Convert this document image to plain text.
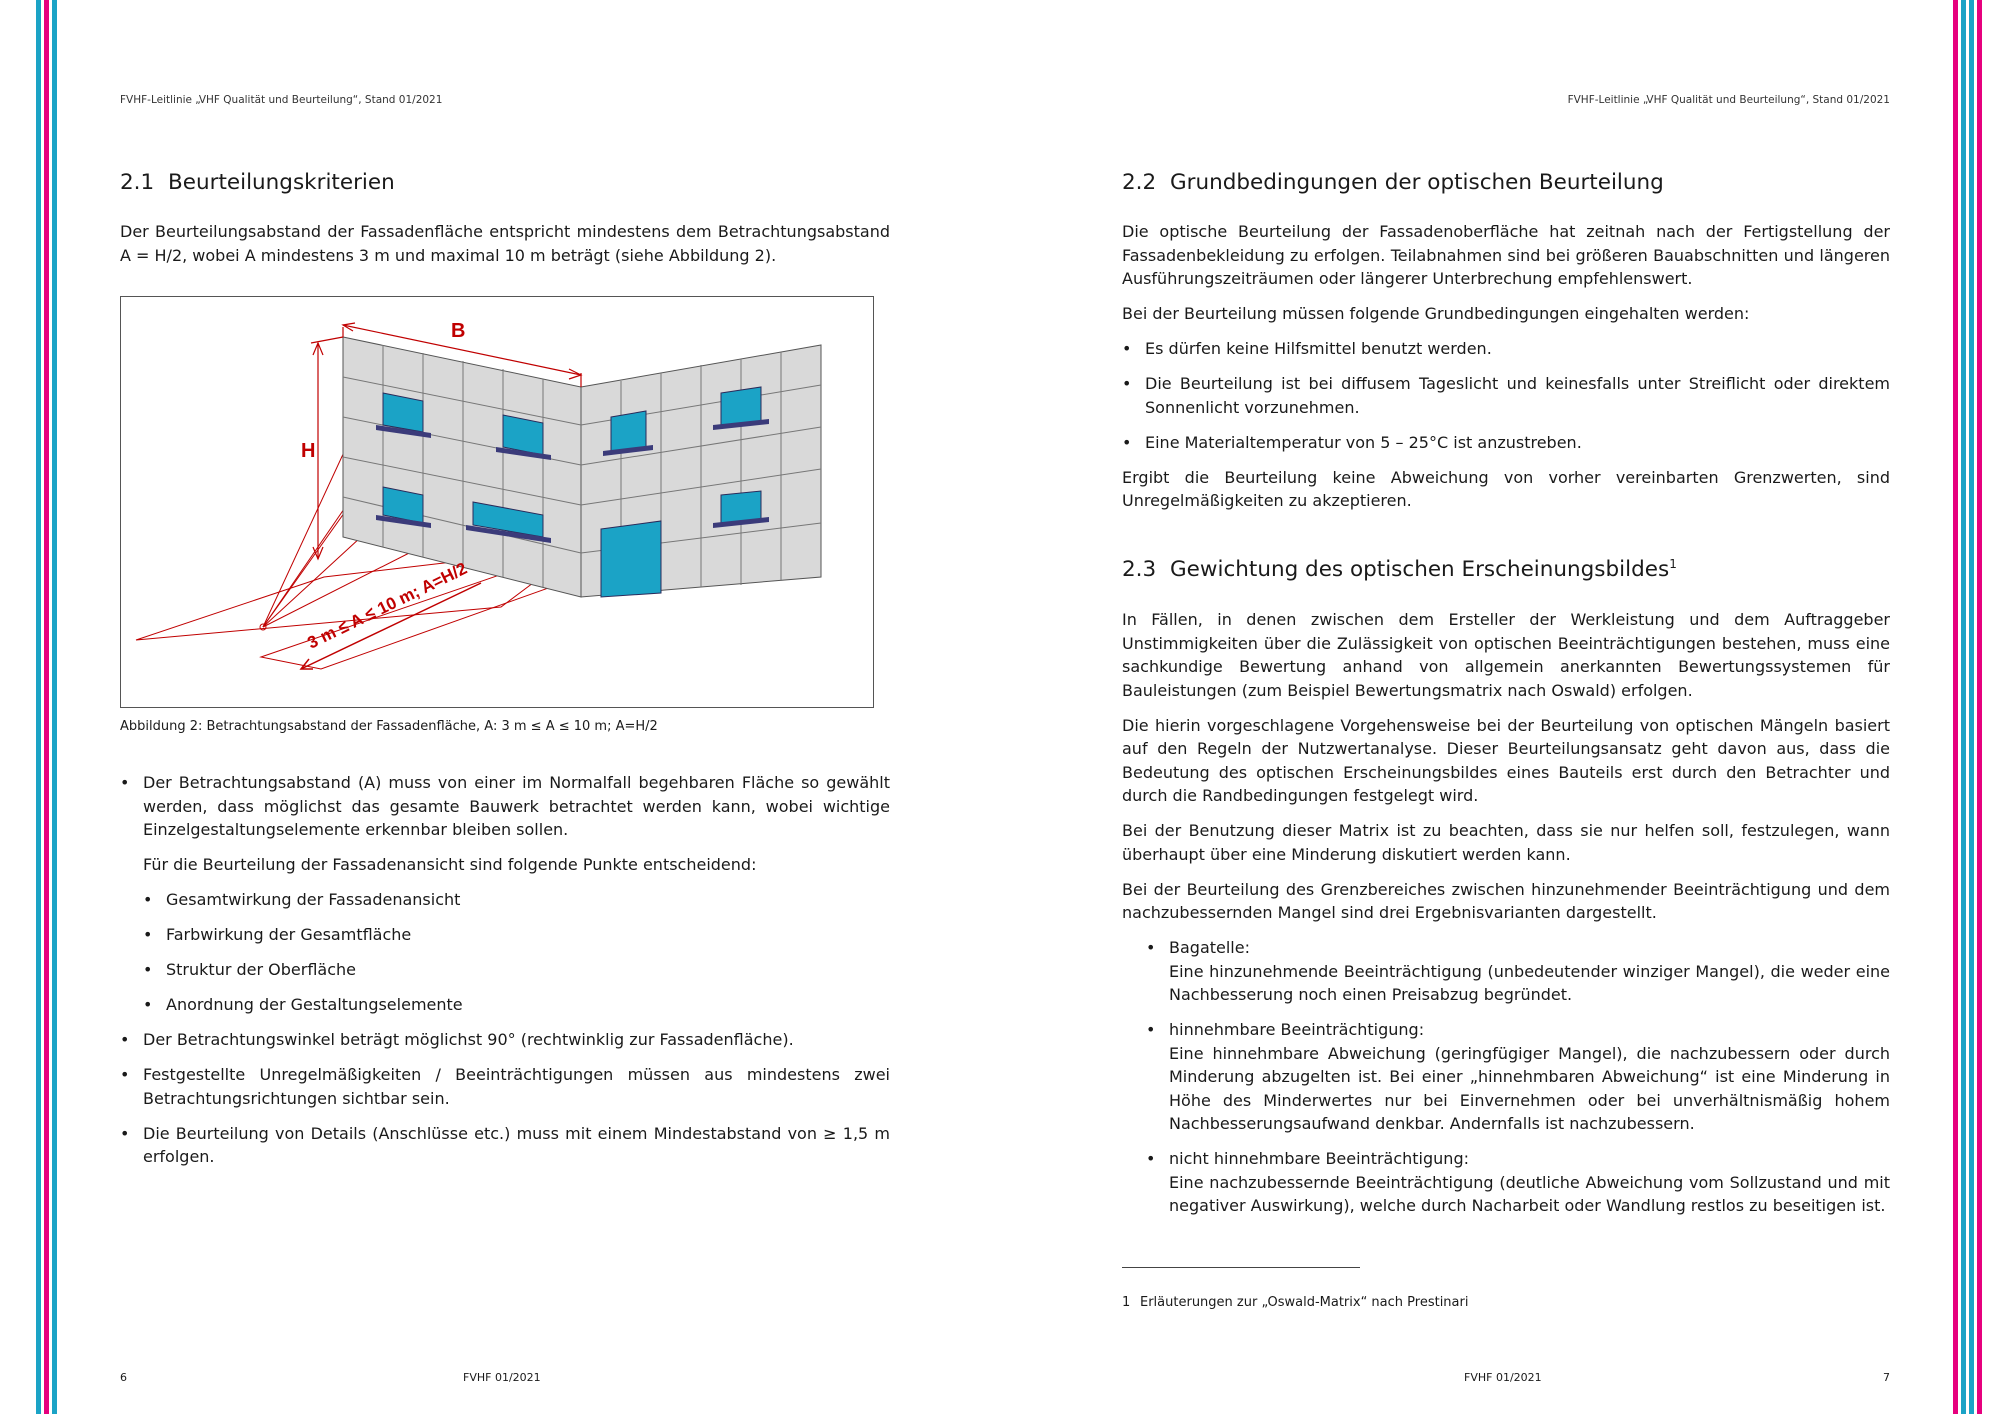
FVHF-Leitlinie „VHF Qualität und Beurteilung“, Stand 01/2021
2.1 Beurteilungskriterien

Der Beurteilungsabstand der Fassadenfläche entspricht mindestens dem Betrachtungsabstand A = H/2, wobei A mindestens 3 m und maximal 10 m beträgt (siehe Abbildung 2).

B
H
3 m ≤ A ≤ 10 m; A=H/2
Abbildung 2: Betrachtungsabstand der Fassadenfläche, A: 3 m ≤ A ≤ 10 m; A=H/2
• Der Betrachtungsabstand (A) muss von einer im Normalfall begehbaren Fläche so gewählt werden, dass möglichst das gesamte Bauwerk betrachtet werden kann, wobei wichtige Einzelgestaltungselemente erkennbar bleiben sollen.
Für die Beurteilung der Fassadenansicht sind folgende Punkte entscheidend:
• Gesamtwirkung der Fassadenansicht
• Farbwirkung der Gesamtfläche
• Struktur der Oberfläche
• Anordnung der Gestaltungselemente
• Der Betrachtungswinkel beträgt möglichst 90° (rechtwinklig zur Fassadenfläche).
• Festgestellte Unregelmäßigkeiten / Beeinträchtigungen müssen aus mindestens zwei Betrachtungsrichtungen sichtbar sein.
• Die Beurteilung von Details (Anschlüsse etc.) muss mit einem Mindestabstand von ≥ 1,5 m erfolgen.
6	FVHF 01/2021
FVHF-Leitlinie „VHF Qualität und Beurteilung“, Stand 01/2021
2.2 Grundbedingungen der optischen Beurteilung

Die optische Beurteilung der Fassadenoberfläche hat zeitnah nach der Fertigstellung der Fassadenbekleidung zu erfolgen. Teilabnahmen sind bei größeren Bauabschnitten und längeren Ausführungszeiträumen oder längerer Unterbrechung empfehlenswert.

Bei der Beurteilung müssen folgende Grundbedingungen eingehalten werden:

• Es dürfen keine Hilfsmittel benutzt werden.
• Die Beurteilung ist bei diffusem Tageslicht und keinesfalls unter Streiflicht oder direktem Sonnenlicht vorzunehmen.
• Eine Materialtemperatur von 5 – 25°C ist anzustreben.

Ergibt die Beurteilung keine Abweichung von vorher vereinbarten Grenzwerten, sind Unregelmäßigkeiten zu akzeptieren.

2.3 Gewichtung des optischen Erscheinungsbildes$^1$

In Fällen, in denen zwischen dem Ersteller der Werkleistung und dem Auftraggeber Unstimmigkeiten über die Zulässigkeit von optischen Beeinträchtigungen bestehen, muss eine sachkundige Bewertung anhand von allgemein anerkannten Bewertungssystemen für Bauleistungen (zum Beispiel Bewertungsmatrix nach Oswald) erfolgen.

Die hierin vorgeschlagene Vorgehensweise bei der Beurteilung von optischen Mängeln basiert auf den Regeln der Nutzwertanalyse. Dieser Beurteilungsansatz geht davon aus, dass die Bedeutung des optischen Erscheinungsbildes eines Bauteils erst durch den Betrachter und durch die Randbedingungen festgelegt wird.

Bei der Benutzung dieser Matrix ist zu beachten, dass sie nur helfen soll, festzulegen, wann überhaupt über eine Minderung diskutiert werden kann.

Bei der Beurteilung des Grenzbereiches zwischen hinzunehmender Beeinträchtigung und dem nachzubessernden Mangel sind drei Ergebnisvarianten dargestellt.

• Bagatelle:
Eine hinzunehmende Beeinträchtigung (unbedeutender winziger Mangel), die weder eine Nachbesserung noch einen Preisabzug begründet.
• hinnehmbare Beeinträchtigung:
Eine hinnehmbare Abweichung (geringfügiger Mangel), die nachzubessern oder durch Minderung abzugelten ist. Bei einer „hinnehmbaren Abweichung“ ist eine Minderung in Höhe des Minderwertes nur bei Einvernehmen oder bei unverhältnismäßig hohem Nachbesserungsaufwand denkbar. Andernfalls ist nachzubessern.
• nicht hinnehmbare Beeinträchtigung:
Eine nachzubessernde Beeinträchtigung (deutliche Abweichung vom Sollzustand und mit negativer Auswirkung), welche durch Nacharbeit oder Wandlung restlos zu beseitigen ist.
1 Erläuterungen zur „Oswald-Matrix“ nach Prestinari
FVHF 01/2021	7
